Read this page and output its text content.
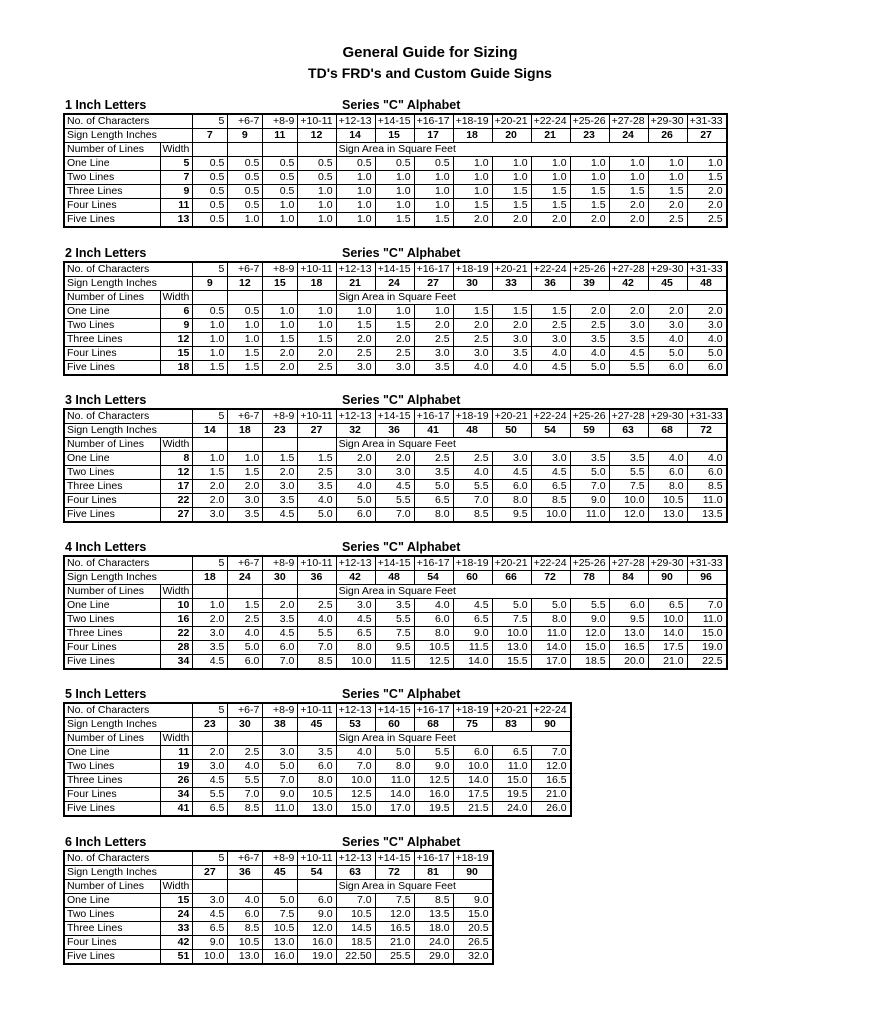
General Guide for Sizing
TD's FRD's and Custom Guide Signs
1 Inch Letters	Series "C" Alphabet
No. of Characters		5	+6-7	+8-9	+10-11	+12-13	+14-15	+16-17	+18-19	+20-21	+22-24	+25-26	+27-28	+29-30	+31-33
Sign Length Inches		7	9	11	12	14	15	17	18	20	21	23	24	26	27
Number of Lines	Width					Sign Area in Square Feet									
One Line	5	0.5	0.5	0.5	0.5	0.5	0.5	0.5	1.0	1.0	1.0	1.0	1.0	1.0	1.0
Two Lines	7	0.5	0.5	0.5	0.5	1.0	1.0	1.0	1.0	1.0	1.0	1.0	1.0	1.0	1.5
Three Lines	9	0.5	0.5	0.5	1.0	1.0	1.0	1.0	1.0	1.5	1.5	1.5	1.5	1.5	2.0
Four Lines	11	0.5	0.5	1.0	1.0	1.0	1.0	1.0	1.5	1.5	1.5	1.5	2.0	2.0	2.0
Five Lines	13	0.5	1.0	1.0	1.0	1.0	1.5	1.5	2.0	2.0	2.0	2.0	2.0	2.5	2.5
2 Inch Letters	Series "C" Alphabet
No. of Characters		5	+6-7	+8-9	+10-11	+12-13	+14-15	+16-17	+18-19	+20-21	+22-24	+25-26	+27-28	+29-30	+31-33
Sign Length Inches		9	12	15	18	21	24	27	30	33	36	39	42	45	48
Number of Lines	Width					Sign Area in Square Feet									
One Line	6	0.5	0.5	1.0	1.0	1.0	1.0	1.0	1.5	1.5	1.5	2.0	2.0	2.0	2.0
Two Lines	9	1.0	1.0	1.0	1.0	1.5	1.5	2.0	2.0	2.0	2.5	2.5	3.0	3.0	3.0
Three Lines	12	1.0	1.0	1.5	1.5	2.0	2.0	2.5	2.5	3.0	3.0	3.5	3.5	4.0	4.0
Four Lines	15	1.0	1.5	2.0	2.0	2.5	2.5	3.0	3.0	3.5	4.0	4.0	4.5	5.0	5.0
Five Lines	18	1.5	1.5	2.0	2.5	3.0	3.0	3.5	4.0	4.0	4.5	5.0	5.5	6.0	6.0
3 Inch Letters	Series "C" Alphabet
No. of Characters		5	+6-7	+8-9	+10-11	+12-13	+14-15	+16-17	+18-19	+20-21	+22-24	+25-26	+27-28	+29-30	+31-33
Sign Length Inches		14	18	23	27	32	36	41	48	50	54	59	63	68	72
Number of Lines	Width					Sign Area in Square Feet									
One Line	8	1.0	1.0	1.5	1.5	2.0	2.0	2.5	2.5	3.0	3.0	3.5	3.5	4.0	4.0
Two Lines	12	1.5	1.5	2.0	2.5	3.0	3.0	3.5	4.0	4.5	4.5	5.0	5.5	6.0	6.0
Three Lines	17	2.0	2.0	3.0	3.5	4.0	4.5	5.0	5.5	6.0	6.5	7.0	7.5	8.0	8.5
Four Lines	22	2.0	3.0	3.5	4.0	5.0	5.5	6.5	7.0	8.0	8.5	9.0	10.0	10.5	11.0
Five Lines	27	3.0	3.5	4.5	5.0	6.0	7.0	8.0	8.5	9.5	10.0	11.0	12.0	13.0	13.5
4 Inch Letters	Series "C" Alphabet
No. of Characters		5	+6-7	+8-9	+10-11	+12-13	+14-15	+16-17	+18-19	+20-21	+22-24	+25-26	+27-28	+29-30	+31-33
Sign Length Inches		18	24	30	36	42	48	54	60	66	72	78	84	90	96
Number of Lines	Width					Sign Area in Square Feet									
One Line	10	1.0	1.5	2.0	2.5	3.0	3.5	4.0	4.5	5.0	5.0	5.5	6.0	6.5	7.0
Two Lines	16	2.0	2.5	3.5	4.0	4.5	5.5	6.0	6.5	7.5	8.0	9.0	9.5	10.0	11.0
Three Lines	22	3.0	4.0	4.5	5.5	6.5	7.5	8.0	9.0	10.0	11.0	12.0	13.0	14.0	15.0
Four Lines	28	3.5	5.0	6.0	7.0	8.0	9.5	10.5	11.5	13.0	14.0	15.0	16.5	17.5	19.0
Five Lines	34	4.5	6.0	7.0	8.5	10.0	11.5	12.5	14.0	15.5	17.0	18.5	20.0	21.0	22.5
5 Inch Letters	Series "C" Alphabet
No. of Characters		5	+6-7	+8-9	+10-11	+12-13	+14-15	+16-17	+18-19	+20-21	+22-24
Sign Length Inches		23	30	38	45	53	60	68	75	83	90
Number of Lines	Width					Sign Area in Square Feet					
One Line	11	2.0	2.5	3.0	3.5	4.0	5.0	5.5	6.0	6.5	7.0
Two Lines	19	3.0	4.0	5.0	6.0	7.0	8.0	9.0	10.0	11.0	12.0
Three Lines	26	4.5	5.5	7.0	8.0	10.0	11.0	12.5	14.0	15.0	16.5
Four Lines	34	5.5	7.0	9.0	10.5	12.5	14.0	16.0	17.5	19.5	21.0
Five Lines	41	6.5	8.5	11.0	13.0	15.0	17.0	19.5	21.5	24.0	26.0
6 Inch Letters	Series "C" Alphabet
No. of Characters		5	+6-7	+8-9	+10-11	+12-13	+14-15	+16-17	+18-19
Sign Length Inches		27	36	45	54	63	72	81	90
Number of Lines	Width					Sign Area in Square Feet			
One Line	15	3.0	4.0	5.0	6.0	7.0	7.5	8.5	9.0
Two Lines	24	4.5	6.0	7.5	9.0	10.5	12.0	13.5	15.0
Three Lines	33	6.5	8.5	10.5	12.0	14.5	16.5	18.0	20.5
Four Lines	42	9.0	10.5	13.0	16.0	18.5	21.0	24.0	26.5
Five Lines	51	10.0	13.0	16.0	19.0	22.50	25.5	29.0	32.0
